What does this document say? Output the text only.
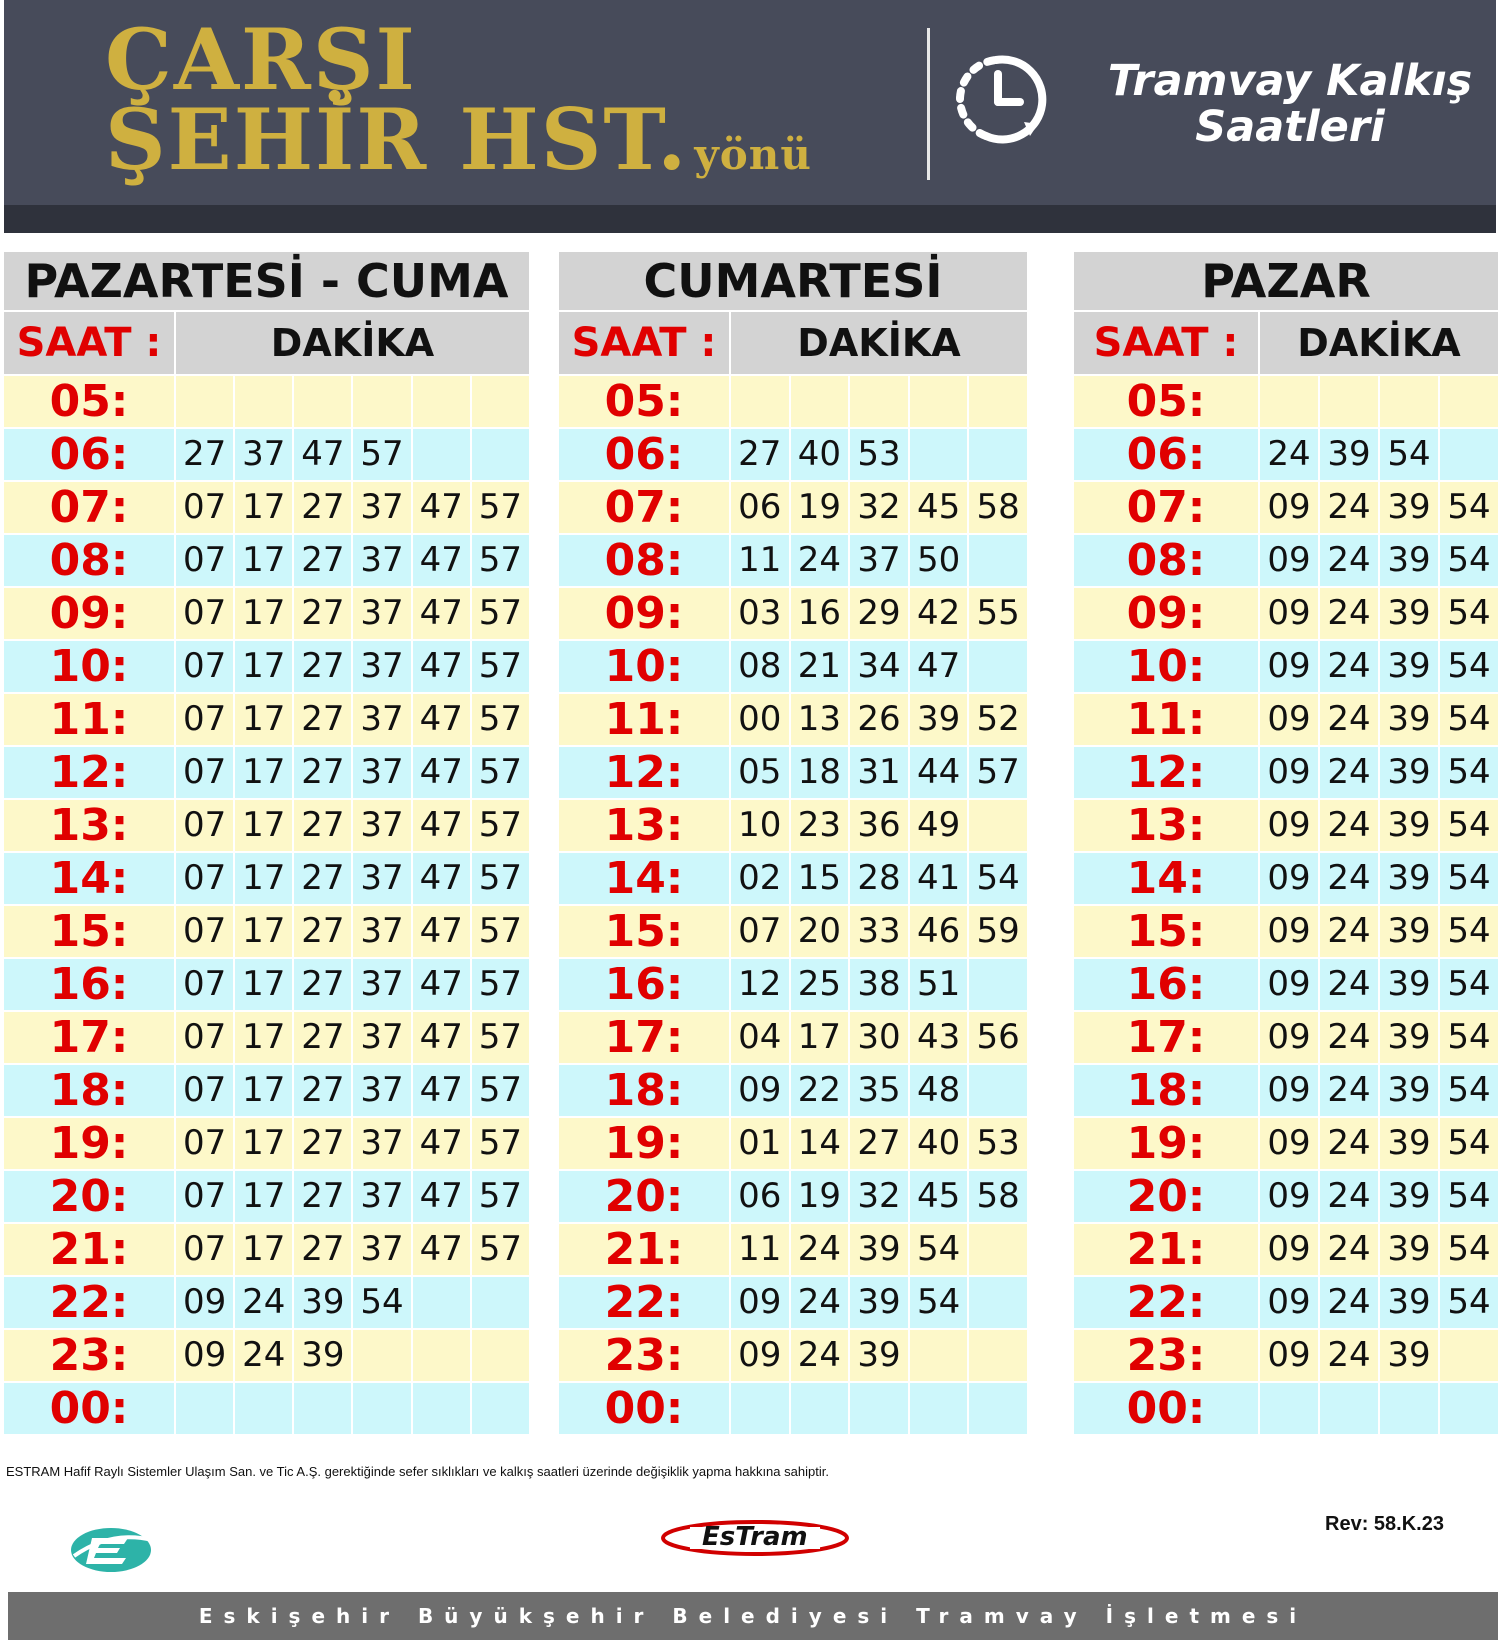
ÇARŞI
ŞEHİR HST. yönü
Tramvay Kalkış Saatleri
PAZARTESİ - CUMA
SAAT :	DAKİKA
05:
06:	27 37 47 57
07:	07 17 27 37 47 57
08:	07 17 27 37 47 57
09:	07 17 27 37 47 57
10:	07 17 27 37 47 57
11:	07 17 27 37 47 57
12:	07 17 27 37 47 57
13:	07 17 27 37 47 57
14:	07 17 27 37 47 57
15:	07 17 27 37 47 57
16:	07 17 27 37 47 57
17:	07 17 27 37 47 57
18:	07 17 27 37 47 57
19:	07 17 27 37 47 57
20:	07 17 27 37 47 57
21:	07 17 27 37 47 57
22:	09 24 39 54
23:	09 24 39
00:
CUMARTESİ
SAAT :	DAKİKA
05:
06:	27 40 53
07:	06 19 32 45 58
08:	11 24 37 50
09:	03 16 29 42 55
10:	08 21 34 47
11:	00 13 26 39 52
12:	05 18 31 44 57
13:	10 23 36 49
14:	02 15 28 41 54
15:	07 20 33 46 59
16:	12 25 38 51
17:	04 17 30 43 56
18:	09 22 35 48
19:	01 14 27 40 53
20:	06 19 32 45 58
21:	11 24 39 54
22:	09 24 39 54
23:	09 24 39
00:
PAZAR
SAAT :	DAKİKA
05:
06:	24 39 54
07:	09 24 39 54
08:	09 24 39 54
09:	09 24 39 54
10:	09 24 39 54
11:	09 24 39 54
12:	09 24 39 54
13:	09 24 39 54
14:	09 24 39 54
15:	09 24 39 54
16:	09 24 39 54
17:	09 24 39 54
18:	09 24 39 54
19:	09 24 39 54
20:	09 24 39 54
21:	09 24 39 54
22:	09 24 39 54
23:	09 24 39
00:
ESTRAM Hafif Raylı Sistemler Ulaşım San. ve Tic A.Ş. gerektiğinde sefer sıklıkları ve kalkış saatleri üzerinde değişiklik yapma hakkına sahiptir.
EsTram	Rev: 58.K.23
Eskişehir Büyükşehir Belediyesi Tramvay İşletmesi
